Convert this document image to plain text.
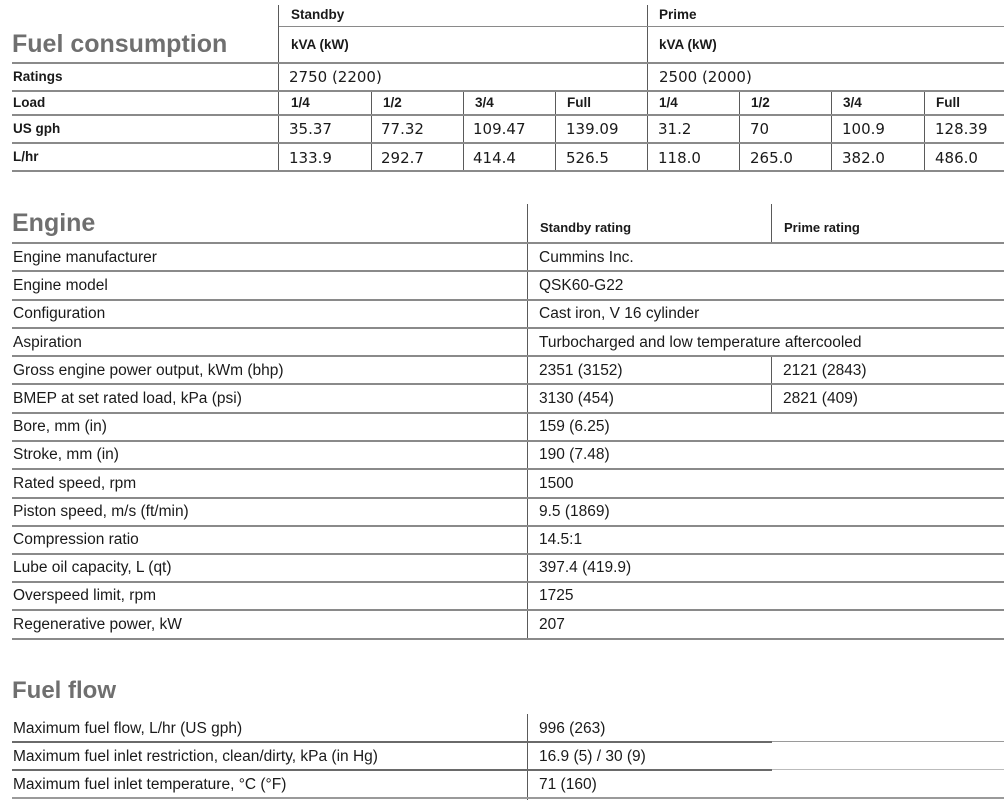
Fuel consumption
Standby	Prime
kVA (kW)	kVA (kW)
Ratings	2750 (2200)	2500 (2000)
Load	1/4	1/2	3/4	Full	1/4	1/2	3/4	Full
US gph	35.37	77.32	109.47	139.09	31.2	70	100.9	128.39
L/hr	133.9	292.7	414.4	526.5	118.0	265.0	382.0	486.0
Engine	Standby rating	Prime rating
Engine manufacturer	Cummins Inc.
Engine model	QSK60-G22
Configuration	Cast iron, V 16 cylinder
Aspiration	Turbocharged and low temperature aftercooled
Gross engine power output, kWm (bhp)	2351 (3152)	2121 (2843)
BMEP at set rated load, kPa (psi)	3130 (454)	2821 (409)
Bore, mm (in)	159 (6.25)
Stroke, mm (in)	190 (7.48)
Rated speed, rpm	1500
Piston speed, m/s (ft/min)	9.5 (1869)
Compression ratio	14.5:1
Lube oil capacity, L (qt)	397.4 (419.9)
Overspeed limit, rpm	1725
Regenerative power, kW	207
Fuel flow
Maximum fuel flow, L/hr (US gph)	996 (263)
Maximum fuel inlet restriction, clean/dirty, kPa (in Hg)	16.9 (5) / 30 (9)
Maximum fuel inlet temperature, °C (°F)	71 (160)
